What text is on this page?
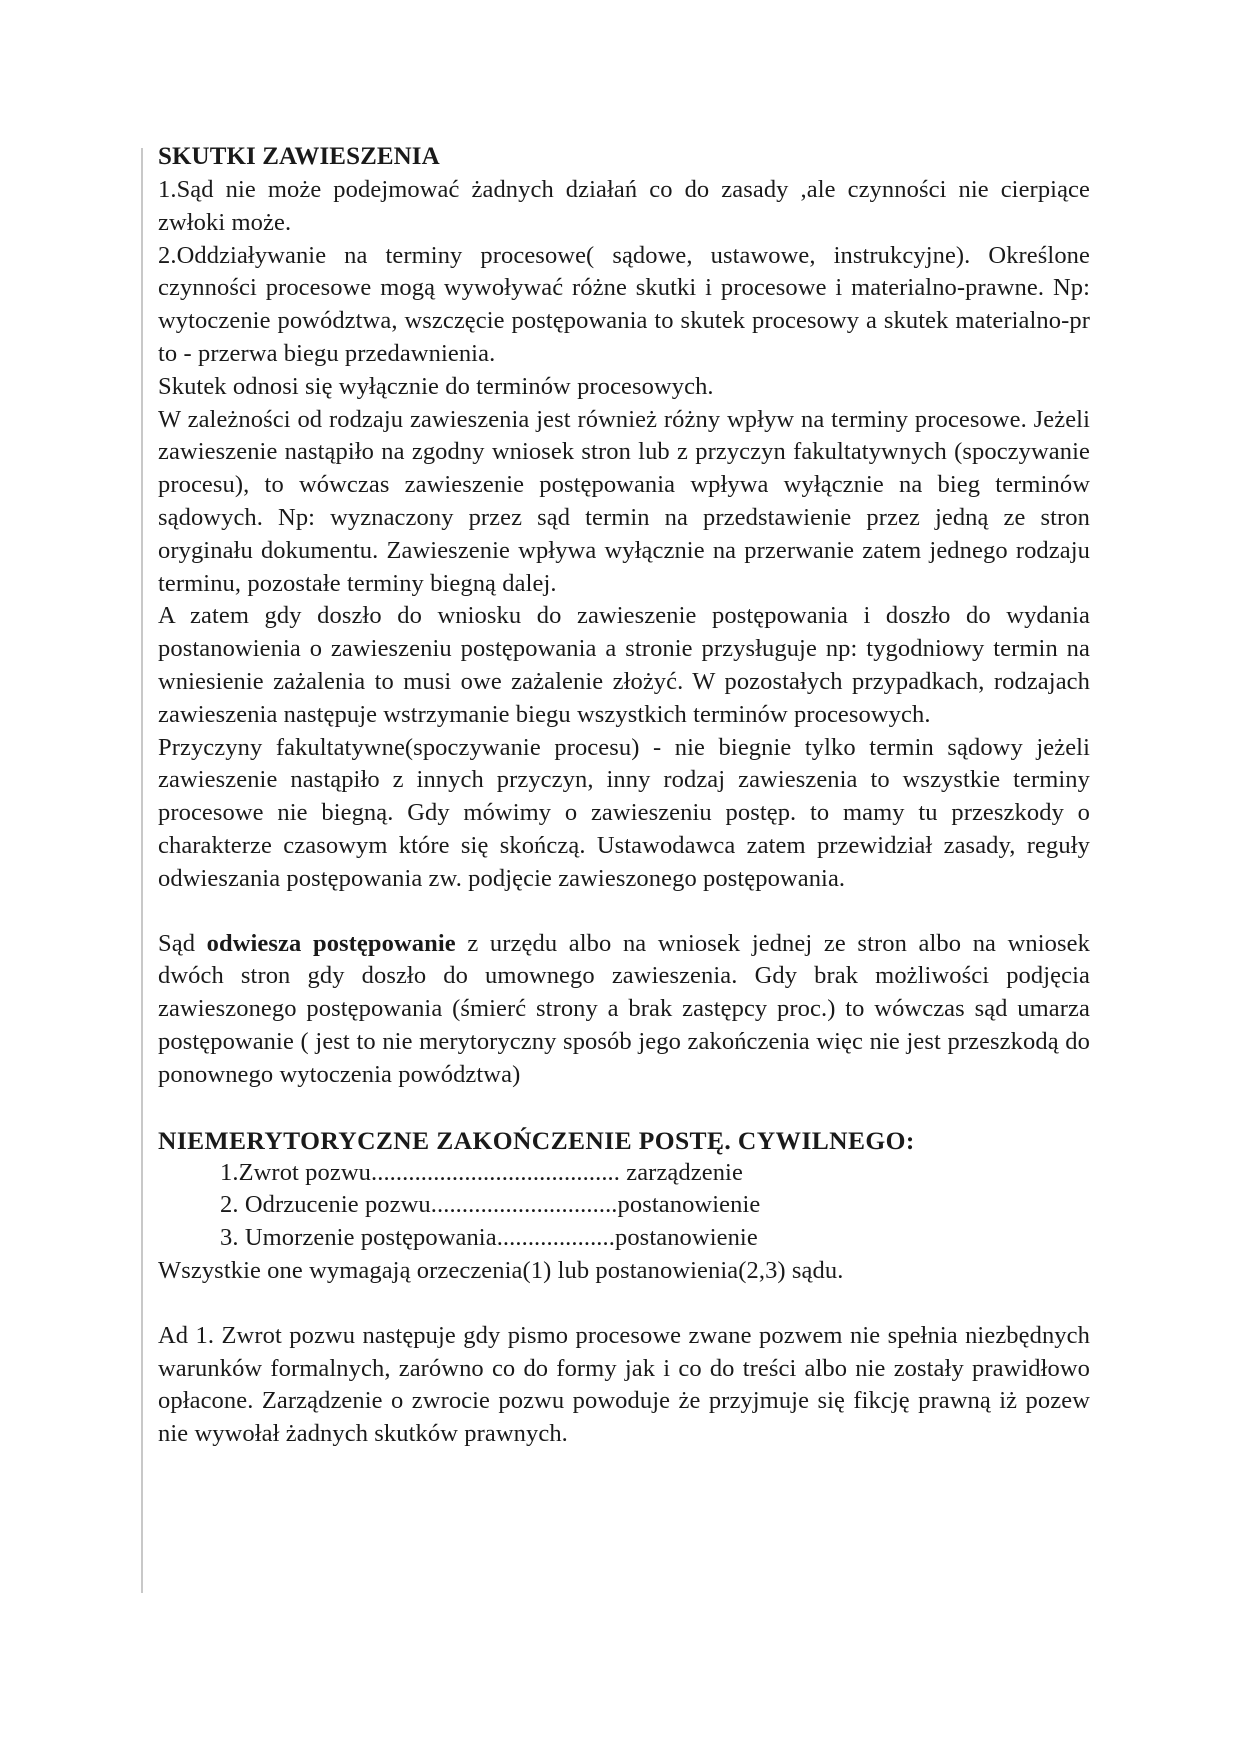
SKUTKI ZAWIESZENIA

1.Sąd nie może podejmować żadnych działań co do zasady ,ale czynności nie cierpiące zwłoki może.

2.Oddziaływanie na terminy procesowe( sądowe, ustawowe, instrukcyjne). Określone czynności procesowe mogą wywoływać różne skutki i procesowe i materialno-prawne. Np: wytoczenie powództwa, wszczęcie postępowania to skutek procesowy a skutek materialno-pr to - przerwa biegu przedawnienia.

Skutek odnosi się wyłącznie do terminów procesowych.

W zależności od rodzaju zawieszenia jest również różny wpływ na terminy procesowe. Jeżeli zawieszenie nastąpiło na zgodny wniosek stron lub z przyczyn fakultatywnych (spoczywanie procesu), to wówczas zawieszenie postępowania wpływa wyłącznie na bieg terminów sądowych. Np: wyznaczony przez sąd termin na przedstawienie przez jedną ze stron oryginału dokumentu. Zawieszenie wpływa wyłącznie na przerwanie zatem jednego rodzaju terminu, pozostałe terminy biegną dalej.

A zatem gdy doszło do wniosku do zawieszenie postępowania i doszło do wydania postanowienia o zawieszeniu postępowania a stronie przysługuje np: tygodniowy termin na wniesienie zażalenia to musi owe zażalenie złożyć. W pozostałych przypadkach, rodzajach zawieszenia następuje wstrzymanie biegu wszystkich terminów procesowych.

Przyczyny fakultatywne(spoczywanie procesu) - nie biegnie tylko termin sądowy jeżeli zawieszenie nastąpiło z innych przyczyn, inny rodzaj zawieszenia to wszystkie terminy procesowe nie biegną. Gdy mówimy o zawieszeniu postęp. to mamy tu przeszkody o charakterze czasowym które się skończą. Ustawodawca zatem przewidział zasady, reguły odwieszania postępowania zw. podjęcie zawieszonego postępowania.

Sąd odwiesza postępowanie z urzędu albo na wniosek jednej ze stron albo na wniosek dwóch stron gdy doszło do umownego zawieszenia. Gdy brak możliwości podjęcia zawieszonego postępowania (śmierć strony a brak zastępcy proc.) to wówczas sąd umarza postępowanie ( jest to nie merytoryczny sposób jego zakończenia więc nie jest przeszkodą do ponownego wytoczenia powództwa)

NIEMERYTORYCZNE ZAKOŃCZENIE POSTĘ. CYWILNEGO:
1.Zwrot pozwu........................................ zarządzenie
2. Odrzucenie pozwu..............................postanowienie
3. Umorzenie postępowania...................postanowienie

Wszystkie one wymagają orzeczenia(1) lub postanowienia(2,3) sądu.

Ad 1. Zwrot pozwu następuje gdy pismo procesowe zwane pozwem nie spełnia niezbędnych warunków formalnych, zarówno co do formy jak i co do treści albo nie zostały prawidłowo opłacone. Zarządzenie o zwrocie pozwu powoduje że przyjmuje się fikcję prawną iż pozew nie wywołał żadnych skutków prawnych.
